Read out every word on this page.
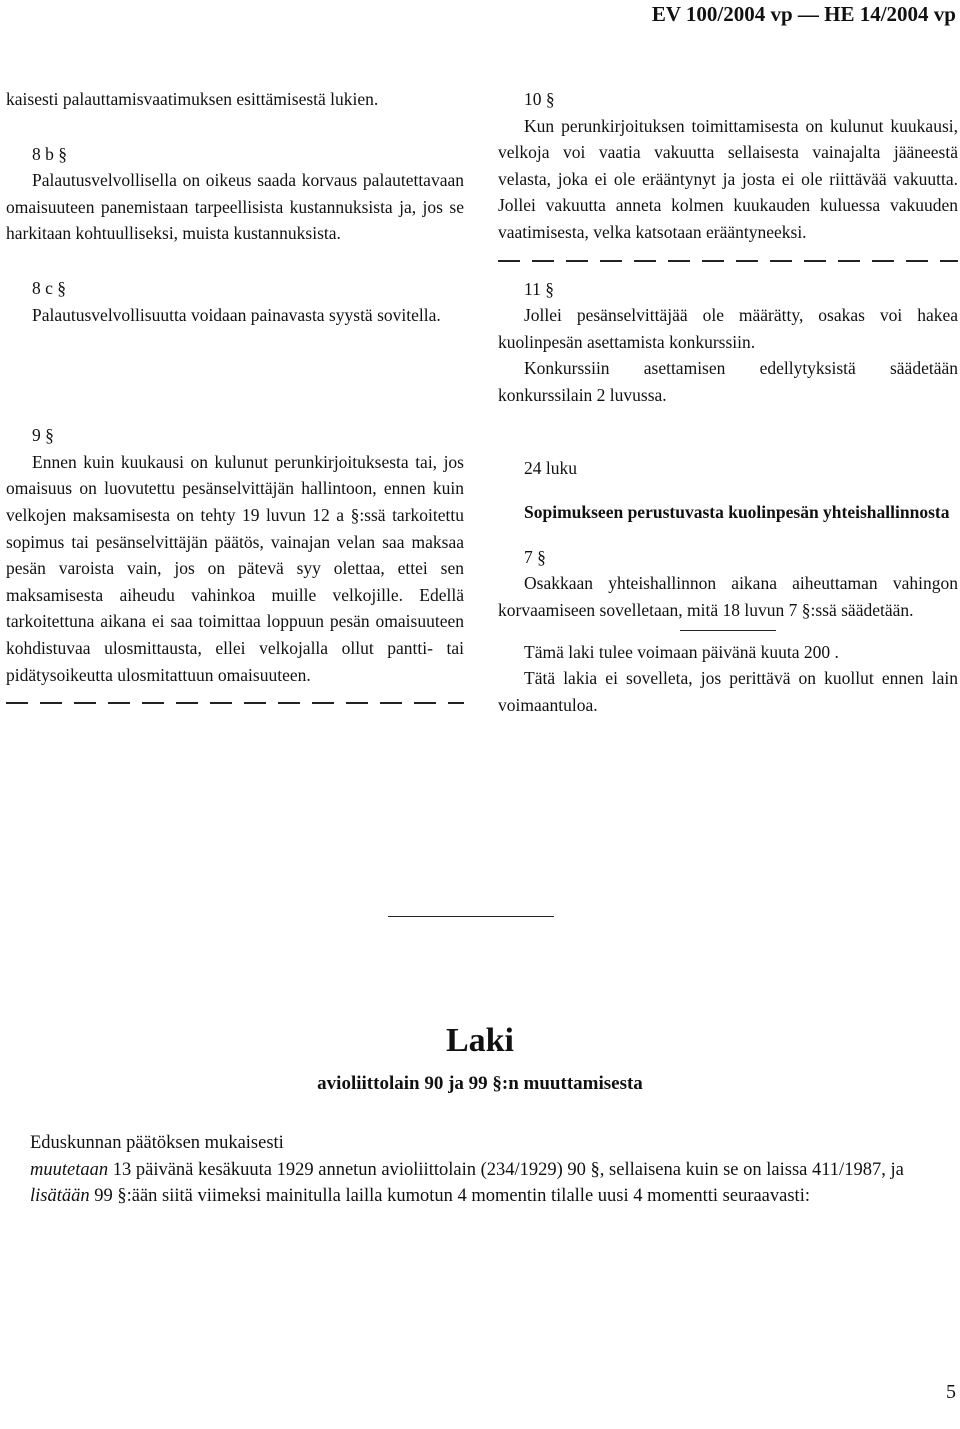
EV 100/2004 vp — HE 14/2004 vp

kaisesti palauttamisvaatimuksen esittämisestä lukien.

8 b §

Palautusvelvollisella on oikeus saada korvaus palautettavaan omaisuuteen panemistaan tarpeellisista kustannuksista ja, jos se harkitaan kohtuulliseksi, muista kustannuksista.

8 c §

Palautusvelvollisuutta voidaan painavasta syystä sovitella.

9 §

Ennen kuin kuukausi on kulunut perunkirjoituksesta tai, jos omaisuus on luovutettu pesänselvittäjän hallintoon, ennen kuin velkojen maksamisesta on tehty 19 luvun 12 a §:ssä tarkoitettu sopimus tai pesänselvittäjän päätös, vainajan velan saa maksaa pesän varoista vain, jos on pätevä syy olettaa, ettei sen maksamisesta aiheudu vahinkoa muille velkojille. Edellä tarkoitettuna aikana ei saa toimittaa loppuun pesän omaisuuteen kohdistuvaa ulosmittausta, ellei velkojalla ollut pantti- tai pidätysoikeutta ulosmitattuun omaisuuteen.

10 §

Kun perunkirjoituksen toimittamisesta on kulunut kuukausi, velkoja voi vaatia vakuutta sellaisesta vainajalta jääneestä velasta, joka ei ole erääntynyt ja josta ei ole riittävää vakuutta. Jollei vakuutta anneta kolmen kuukauden kuluessa vakuuden vaatimisesta, velka katsotaan erääntyneeksi.

11 §

Jollei pesänselvittäjää ole määrätty, osakas voi hakea kuolinpesän asettamista konkurssiin.

Konkurssiin asettamisen edellytyksistä säädetään konkurssilain 2 luvussa.

24 luku

Sopimukseen perustuvasta kuolinpesän yhteishallinnosta

7 §

Osakkaan yhteishallinnon aikana aiheuttaman vahingon korvaamiseen sovelletaan, mitä 18 luvun 7 §:ssä säädetään.

Tämä laki tulee voimaan päivänä kuuta 200 .

Tätä lakia ei sovelleta, jos perittävä on kuollut ennen lain voimaantuloa.

Laki
avioliittolain 90 ja 99 §:n muuttamisesta

Eduskunnan päätöksen mukaisesti

muutetaan 13 päivänä kesäkuuta 1929 annetun avioliittolain (234/1929) 90 §, sellaisena kuin se on laissa 411/1987, ja

lisätään 99 §:ään siitä viimeksi mainitulla lailla kumotun 4 momentin tilalle uusi 4 momentti seuraavasti:

5
